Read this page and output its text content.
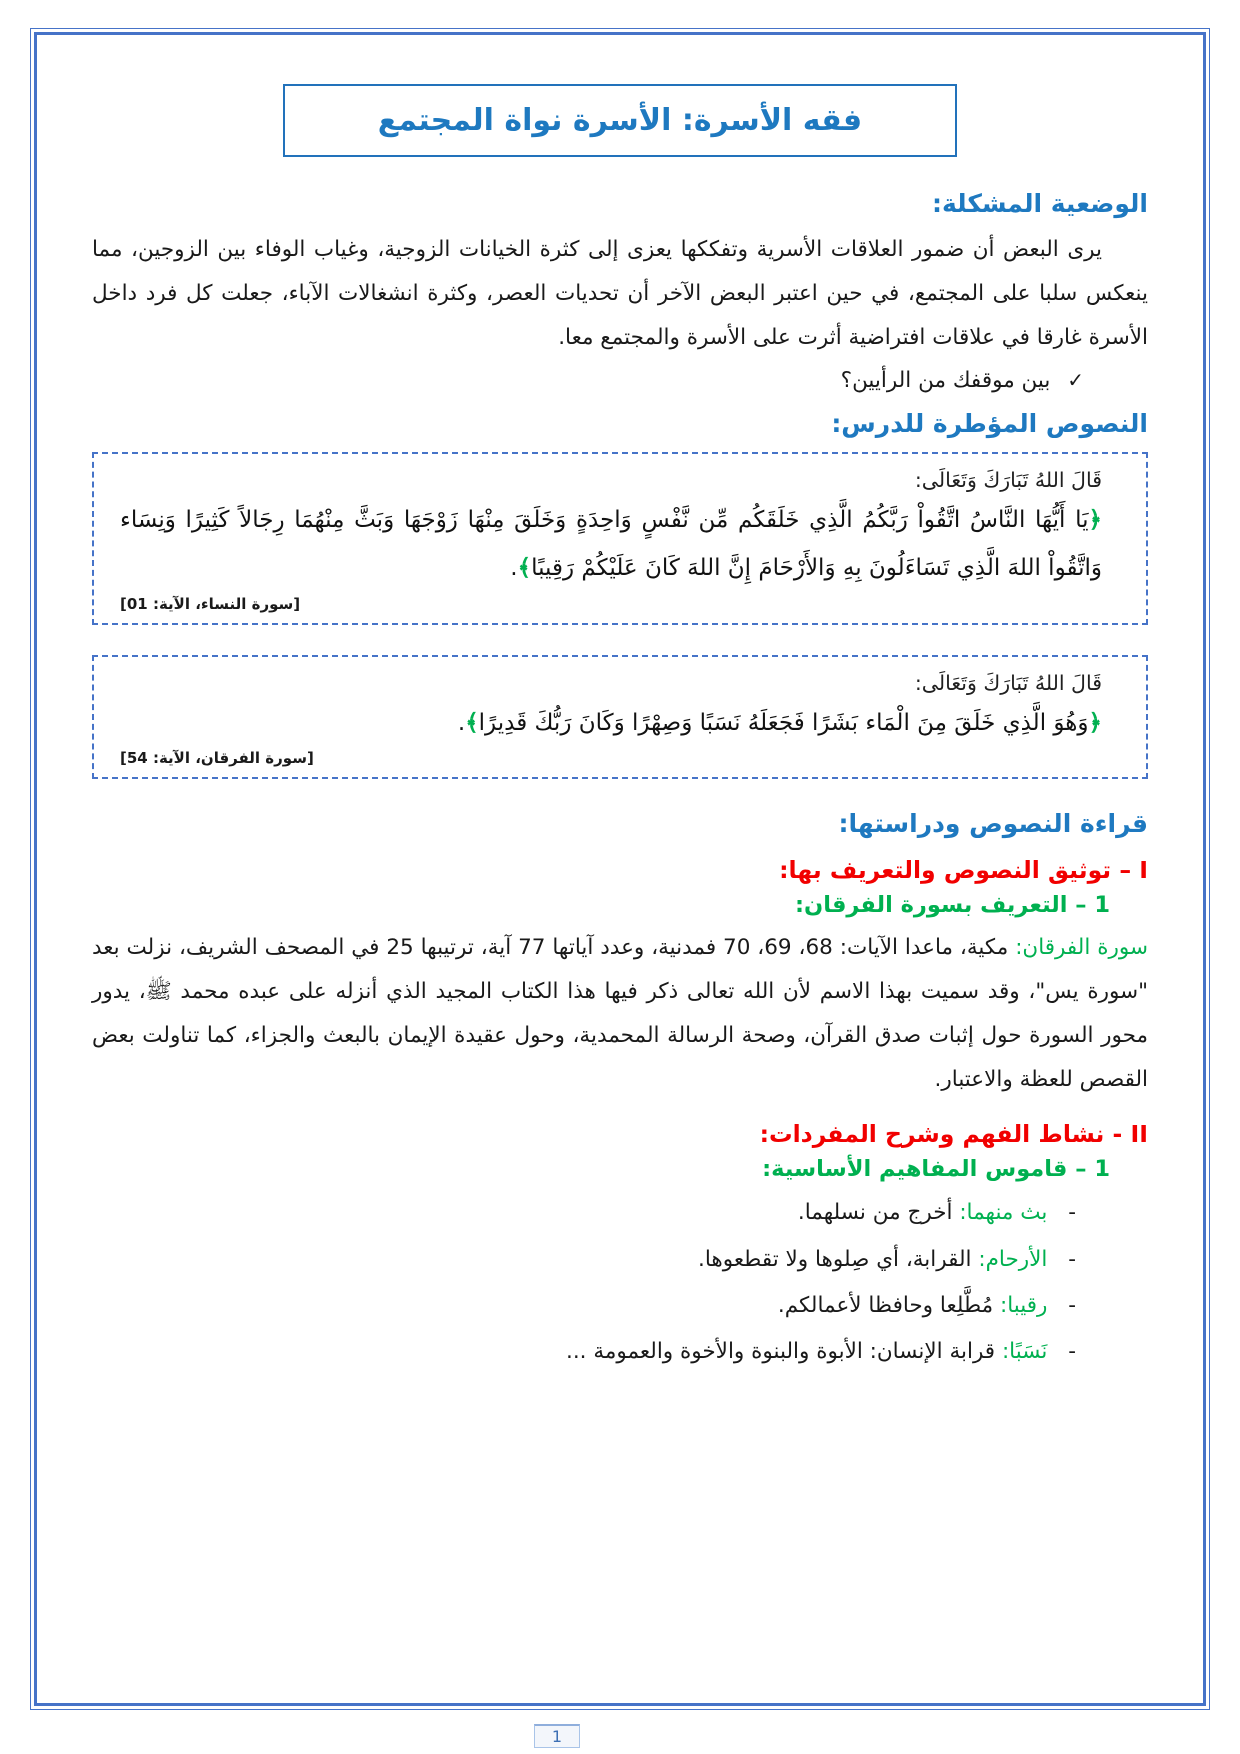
فقه الأسرة: الأسرة نواة المجتمع
الوضعية المشكلة:

يرى البعض أن ضمور العلاقات الأسرية وتفككها يعزى إلى كثرة الخيانات الزوجية، وغياب الوفاء بين الزوجين، مما ينعكس سلبا على المجتمع، في حين اعتبر البعض الآخر أن تحديات العصر، وكثرة انشغالات الآباء، جعلت كل فرد داخل الأسرة غارقا في علاقات افتراضية أثرت على الأسرة والمجتمع معا.

✓ بين موقفك من الرأيين؟

النصوص المؤطرة للدرس:

قَالَ اللهُ تَبَارَكَ وَتَعَالَى:

﴿يَا أَيُّهَا النَّاسُ اتَّقُواْ رَبَّكُمُ الَّذِي خَلَقَكُم مِّن نَّفْسٍ وَاحِدَةٍ وَخَلَقَ مِنْهَا زَوْجَهَا وَبَثَّ مِنْهُمَا رِجَالاً كَثِيرًا وَنِسَاء وَاتَّقُواْ اللهَ الَّذِي تَسَاءَلُونَ بِهِ وَالأَرْحَامَ إِنَّ اللهَ كَانَ عَلَيْكُمْ رَقِيبًا﴾.

[سورة النساء، الآية: 01]

قَالَ اللهُ تَبَارَكَ وَتَعَالَى:

﴿وَهُوَ الَّذِي خَلَقَ مِنَ الْمَاء بَشَرًا فَجَعَلَهُ نَسَبًا وَصِهْرًا وَكَانَ رَبُّكَ قَدِيرًا﴾.

[سورة الفرقان، الآية: 54]

قراءة النصوص ودراستها:
I – توثيق النصوص والتعريف بها:
1 – التعريف بسورة الفرقان:

سورة الفرقان: مكية، ماعدا الآيات: 68، 69، 70 فمدنية، وعدد آياتها 77 آية، ترتيبها 25 في المصحف الشريف، نزلت بعد "سورة يس"، وقد سميت بهذا الاسم لأن الله تعالى ذكر فيها هذا الكتاب المجيد الذي أنزله على عبده محمد ﷺ، يدور محور السورة حول إثبات صدق القرآن، وصحة الرسالة المحمدية، وحول عقيدة الإيمان بالبعث والجزاء، كما تناولت بعض القصص للعظة والاعتبار.

II - نشاط الفهم وشرح المفردات:
1 – قاموس المفاهيم الأساسية:
- بث منهما: أخرج من نسلهما.
- الأرحام: القرابة، أي صِلوها ولا تقطعوها.
- رقيبا: مُطَّلِعا وحافظا لأعمالكم.
- نَسَبًا: قرابة الإنسان: الأبوة والبنوة والأخوة والعمومة ...
1
